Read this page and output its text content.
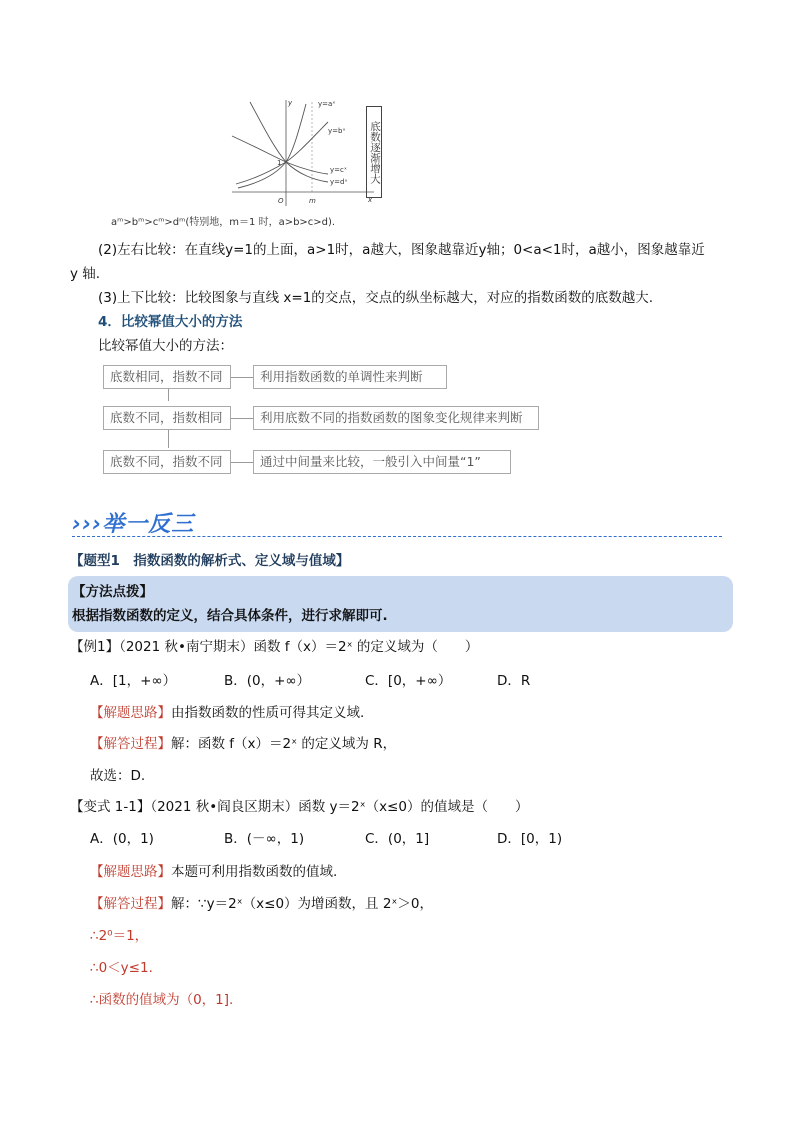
y=aˣ
y=bˣ
y=cˣ
y=dˣ
y
x
O
1
m
底数逐渐增大
aᵐ>bᵐ>cᵐ>dᵐ(特别地，m＝1 时，a>b>c>d).
(2)左右比较：在直线y=1的上面，a>1时，a越大，图象越靠近y轴；0<a<1时，a越小，图象越靠近
y 轴.
(3)上下比较：比较图象与直线 x=1的交点，交点的纵坐标越大，对应的指数函数的底数越大.
4．比较幂值大小的方法
比较幂值大小的方法：
底数相同，指数不同	利用指数函数的单调性来判断
底数不同，指数相同	利用底数不同的指数函数的图象变化规律来判断
底数不同，指数不同	通过中间量来比较，一般引入中间量“1”
›››举一反三
【题型1　指数函数的解析式、定义域与值域】
【方法点拨】
根据指数函数的定义，结合具体条件，进行求解即可.
【例1】（2021 秋•南宁期末）函数 f（x）＝2ˣ 的定义域为（　　）
A．[1，+∞）	B．(0，+∞）	C．[0，+∞）	D．R
【解题思路】由指数函数的性质可得其定义域.
【解答过程】解：函数 f（x）＝2ˣ 的定义域为 R，
故选：D.
【变式 1-1】（2021 秋•阎良区期末）函数 y＝2ˣ（x≤0）的值域是（　　）
A．(0，1)	B．(－∞，1)	C．(0，1]	D．[0，1)
【解题思路】本题可利用指数函数的值域.
【解答过程】解：∵y＝2ˣ（x≤0）为增函数，且 2ˣ＞0，
∴2⁰＝1，
∴0＜y≤1.
∴函数的值域为（0，1].
